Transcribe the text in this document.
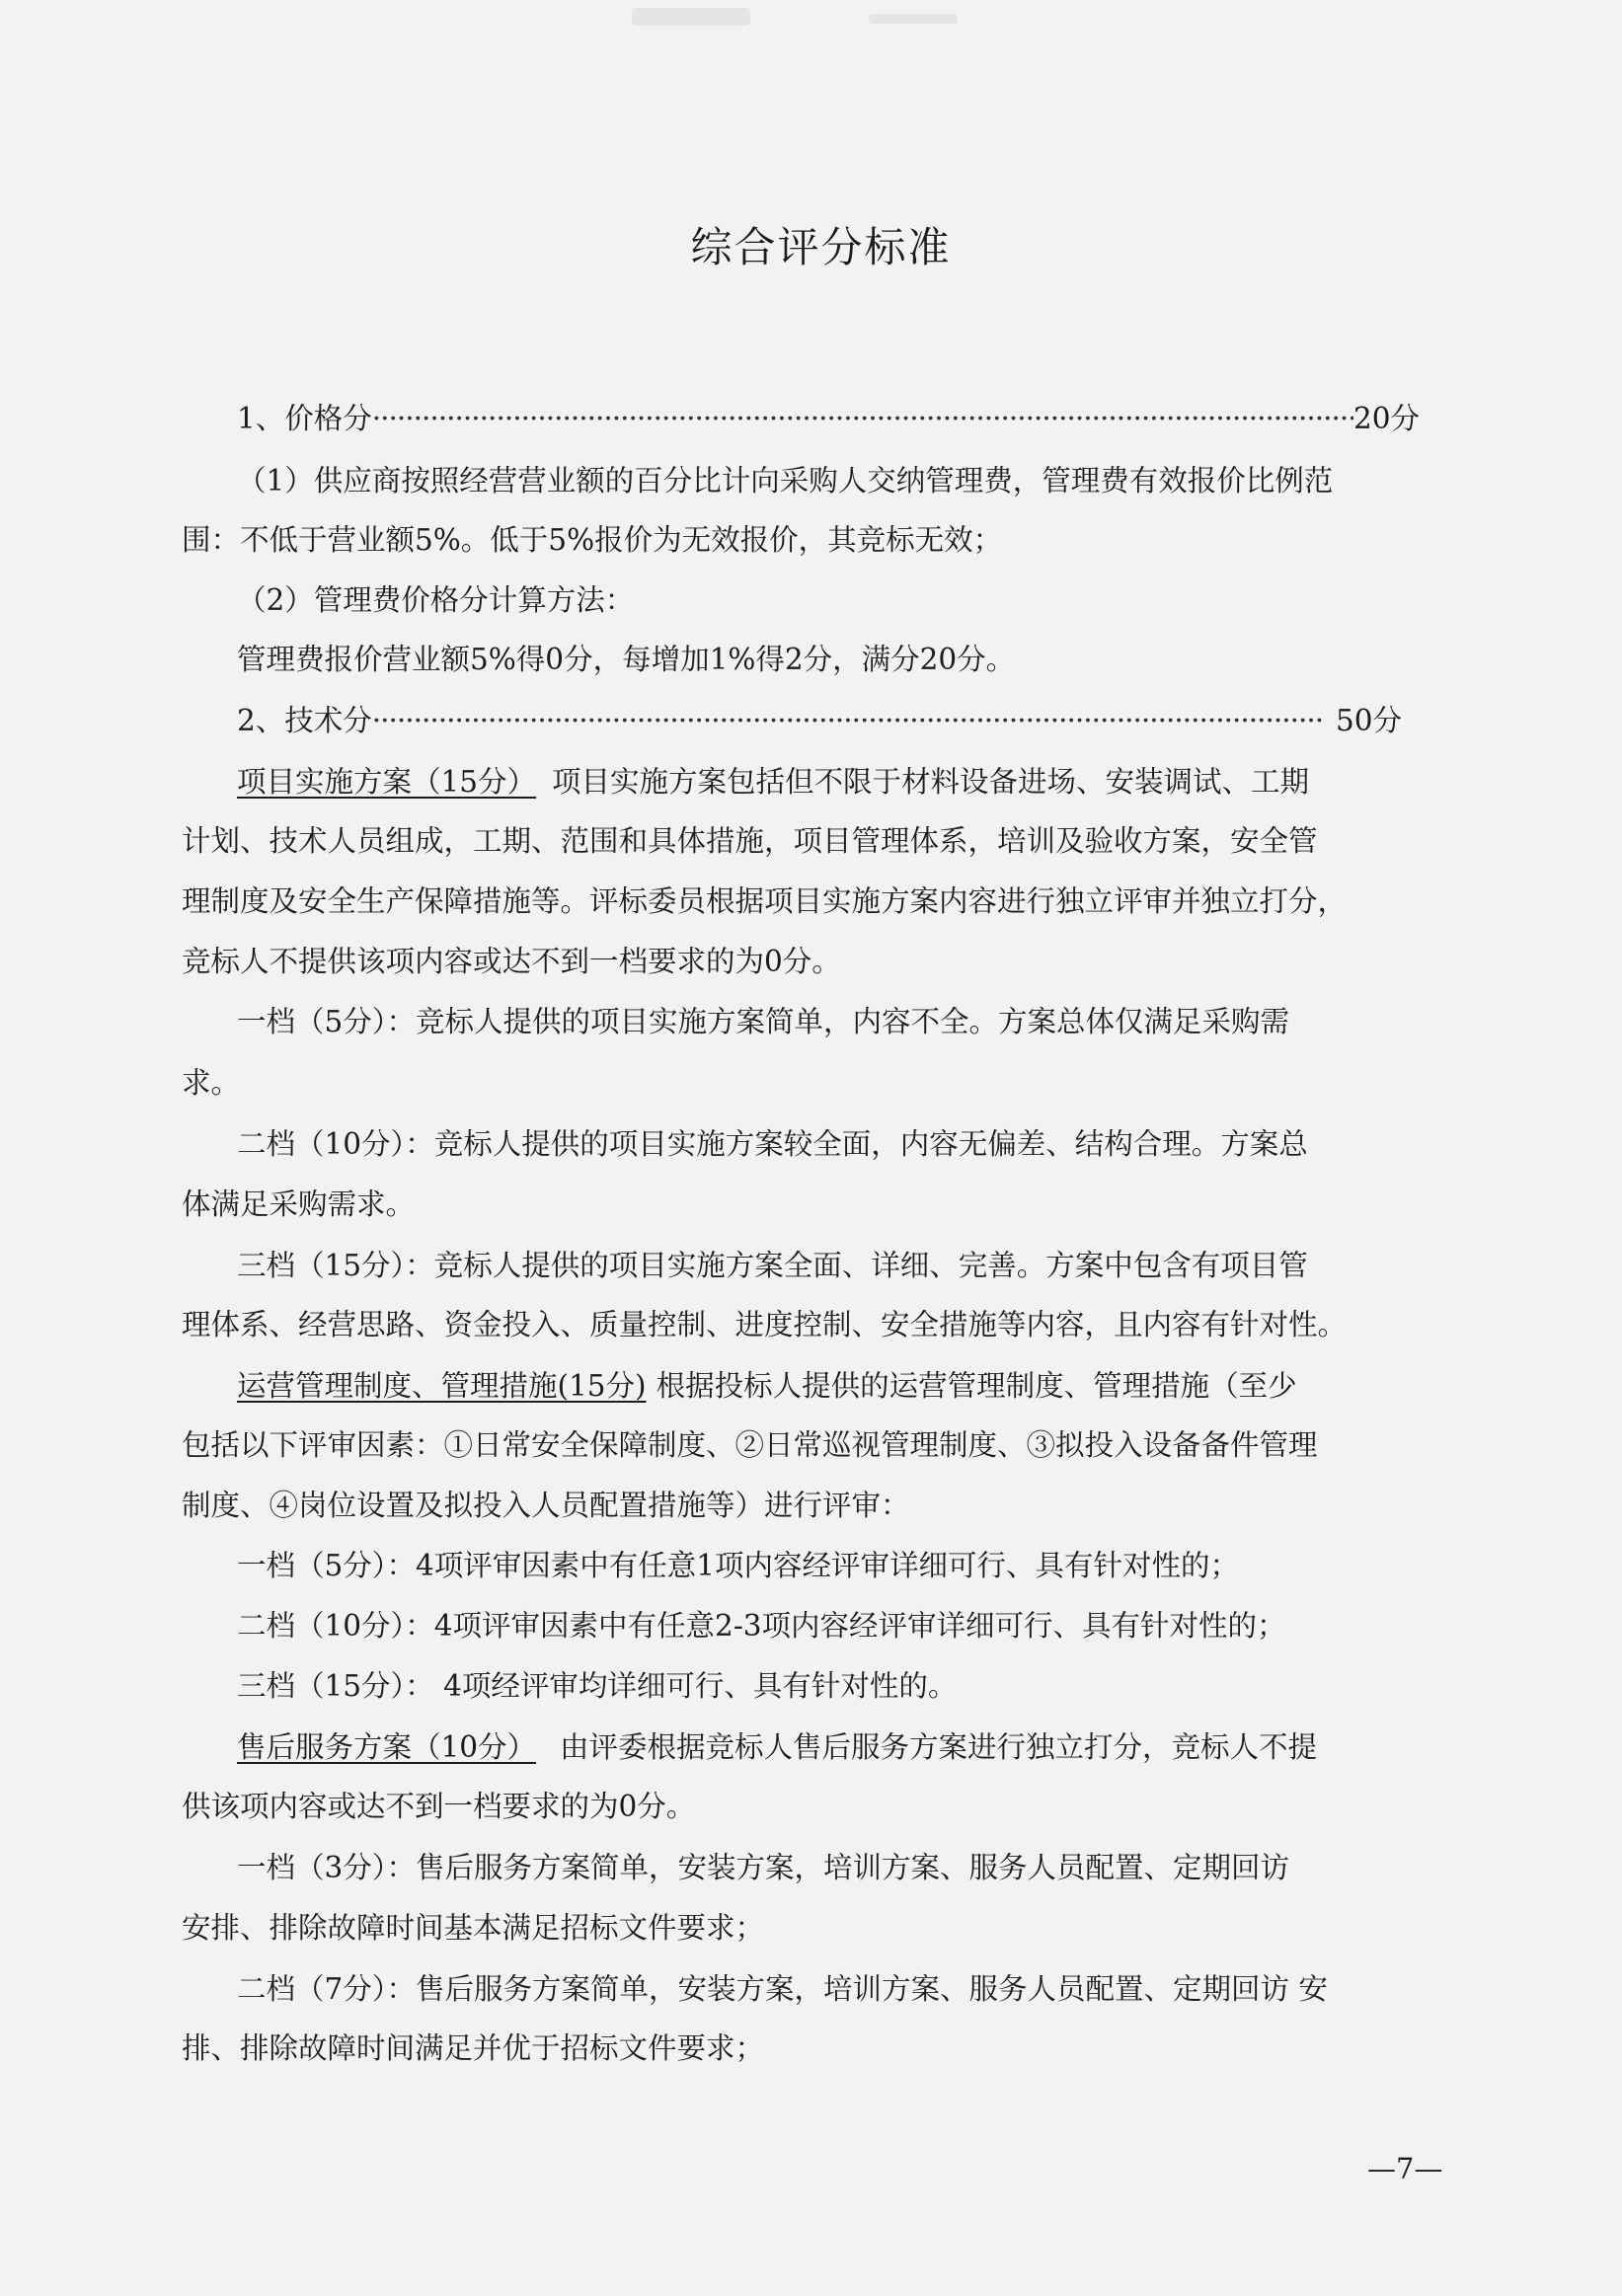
综合评分标准
1、价格分 ·····	20分

（1）供应商按照经营营业额的百分比计向采购人交纳管理费，管理费有效报价比例范

围：不低于营业额5%。低于5%报价为无效报价，其竞标无效；

（2）管理费价格分计算方法：

管理费报价营业额5%得0分，每增加1%得2分，满分20分。

2、技术分 ·····	50分

项目实施方案（15分） 项目实施方案包括但不限于材料设备进场、安装调试、工期

计划、技术人员组成，工期、范围和具体措施，项目管理体系，培训及验收方案，安全管

理制度及安全生产保障措施等。评标委员根据项目实施方案内容进行独立评审并独立打分，

竞标人不提供该项内容或达不到一档要求的为0分。

一档（5分）：竞标人提供的项目实施方案简单，内容不全。方案总体仅满足采购需

求。

二档（10分）：竞标人提供的项目实施方案较全面，内容无偏差、结构合理。方案总

体满足采购需求。

三档（15分）：竞标人提供的项目实施方案全面、详细、完善。方案中包含有项目管

理体系、经营思路、资金投入、质量控制、进度控制、安全措施等内容，且内容有针对性。

运营管理制度、管理措施(15分) 根据投标人提供的运营管理制度、管理措施（至少

包括以下评审因素：①日常安全保障制度、②日常巡视管理制度、③拟投入设备备件管理

制度、④岗位设置及拟投入人员配置措施等）进行评审：

一档（5分）：4项评审因素中有任意1项内容经评审详细可行、具有针对性的；

二档（10分）：4项评审因素中有任意2-3项内容经评审详细可行、具有针对性的；

三档（15分）： 4项经评审均详细可行、具有针对性的。

售后服务方案（10分） 由评委根据竞标人售后服务方案进行独立打分，竞标人不提

供该项内容或达不到一档要求的为0分。

一档（3分）：售后服务方案简单，安装方案，培训方案、服务人员配置、定期回访

安排、排除故障时间基本满足招标文件要求；

二档（7分）：售后服务方案简单，安装方案，培训方案、服务人员配置、定期回访 安

排、排除故障时间满足并优于招标文件要求；

—7—
